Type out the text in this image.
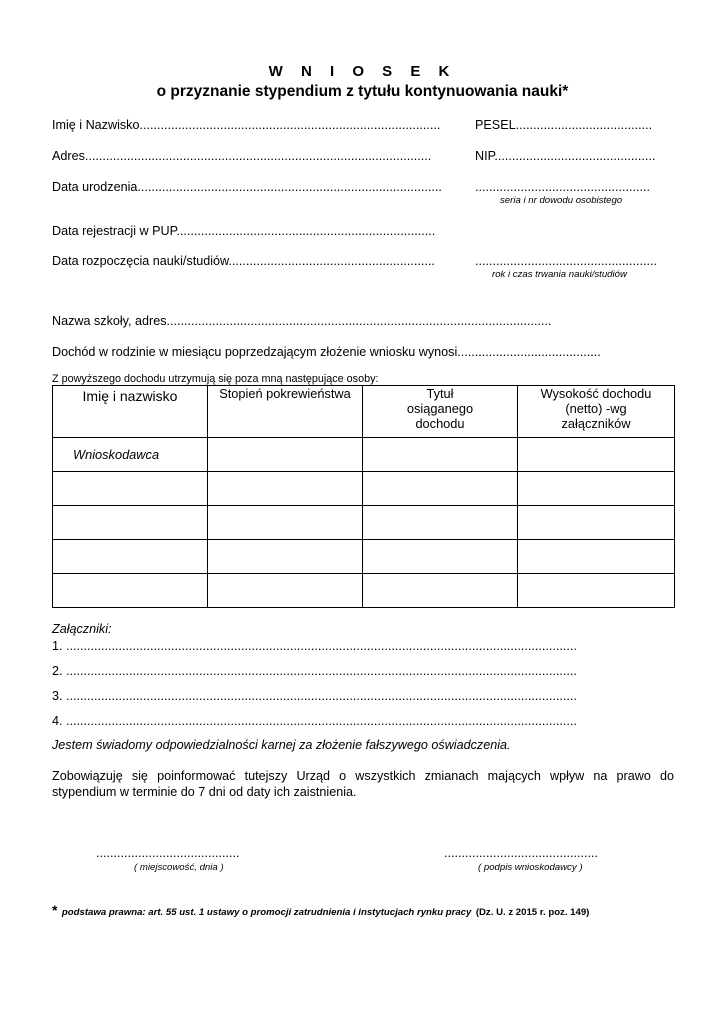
W N I O S E K
o przyznanie stypendium z tytułu kontynuowania nauki*
Imię i Nazwisko......................................................................................	PESEL.......................................
Adres...................................................................................................	NIP..............................................
Data urodzenia.......................................................................................	..................................................
seria i nr dowodu osobistego
Data rejestracji w PUP..........................................................................
Data rozpoczęcia nauki/studiów...........................................................	....................................................
rok i czas trwania nauki/studiów
Nazwa szkoły, adres..............................................................................................................
Dochód w rodzinie w miesiącu poprzedzającym złożenie wniosku wynosi.........................................
Z powyższego dochodu utrzymują się poza mną następujące osoby:
Imię i nazwisko	Stopień pokrewieństwa	Tytuł osiąganego dochodu	Wysokość dochodu (netto) -wg załączników
Wnioskodawca			

Załączniki:
1. ..................................................................................................................................................
2. ..................................................................................................................................................
3. ..................................................................................................................................................
4. ..................................................................................................................................................
Jestem świadomy odpowiedzialności karnej za złożenie fałszywego oświadczenia.
Zobowiązuję się poinformować tutejszy Urząd o wszystkich zmianach mających wpływ na prawo do stypendium w terminie do 7 dni od daty ich zaistnienia.
.........................................
( miejscowość, dnia )
............................................
( podpis wnioskodawcy )
* podstawa prawna: art. 55 ust. 1 ustawy o promocji zatrudnienia i instytucjach rynku pracy (Dz. U. z 2015 r. poz. 149)
